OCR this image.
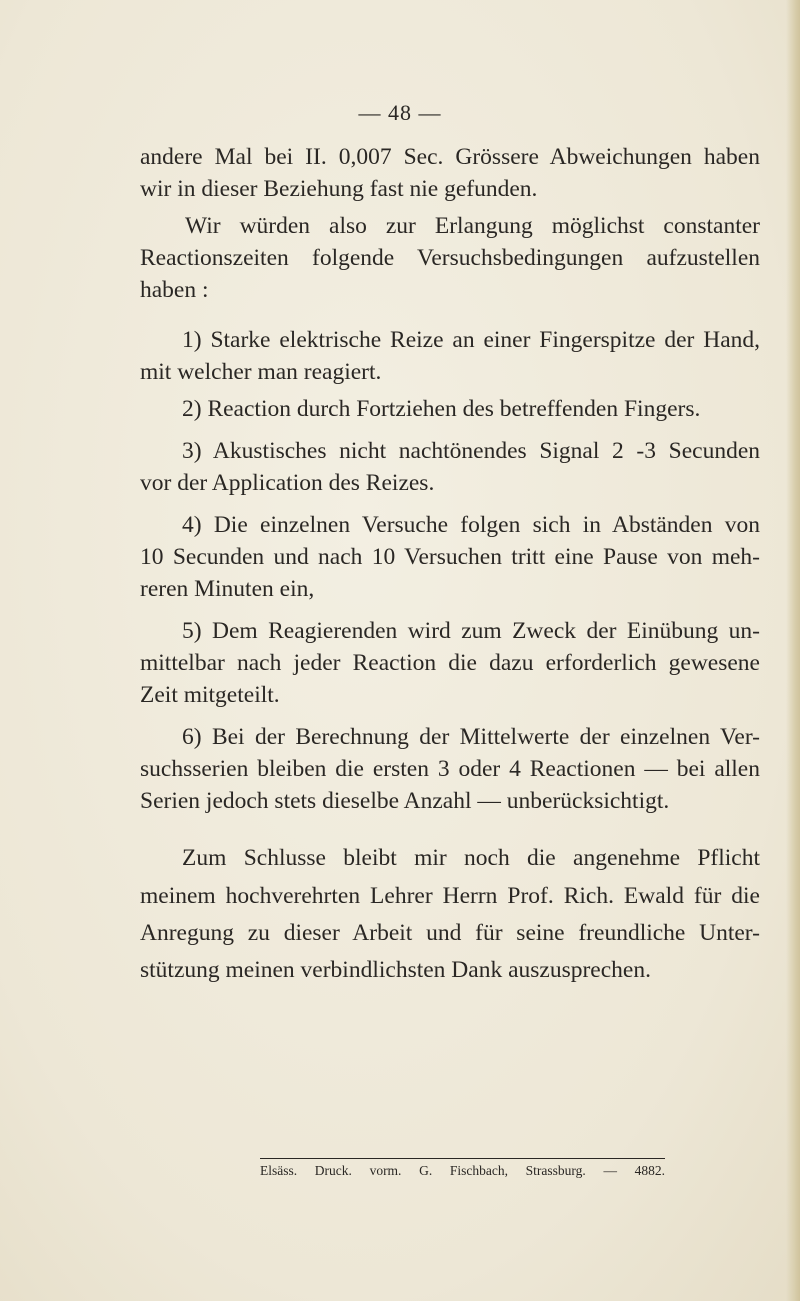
— 48 —
andere Mal bei II. 0,007 Sec. Grössere Abweichungen haben
wir in dieser Beziehung fast nie gefunden.
Wir würden also zur Erlangung möglichst constanter
Reactionszeiten folgende Versuchsbedingungen aufzustellen
haben :
1) Starke elektrische Reize an einer Fingerspitze der Hand,
mit welcher man reagiert.
2) Reaction durch Fortziehen des betreffenden Fingers.
3) Akustisches nicht nachtönendes Signal 2 -3 Secunden
vor der Application des Reizes.
4) Die einzelnen Versuche folgen sich in Abständen von
10 Secunden und nach 10 Versuchen tritt eine Pause von meh-
reren Minuten ein,
5) Dem Reagierenden wird zum Zweck der Einübung un-
mittelbar nach jeder Reaction die dazu erforderlich gewesene
Zeit mitgeteilt.
6) Bei der Berechnung der Mittelwerte der einzelnen Ver-
suchsserien bleiben die ersten 3 oder 4 Reactionen — bei allen
Serien jedoch stets dieselbe Anzahl — unberücksichtigt.
Zum Schlusse bleibt mir noch die angenehme Pflicht
meinem hochverehrten Lehrer Herrn Prof. Rich. Ewald für die
Anregung zu dieser Arbeit und für seine freundliche Unter-
stützung meinen verbindlichsten Dank auszusprechen.
Elsäss. Druck. vorm. G. Fischbach, Strassburg. — 4882.
